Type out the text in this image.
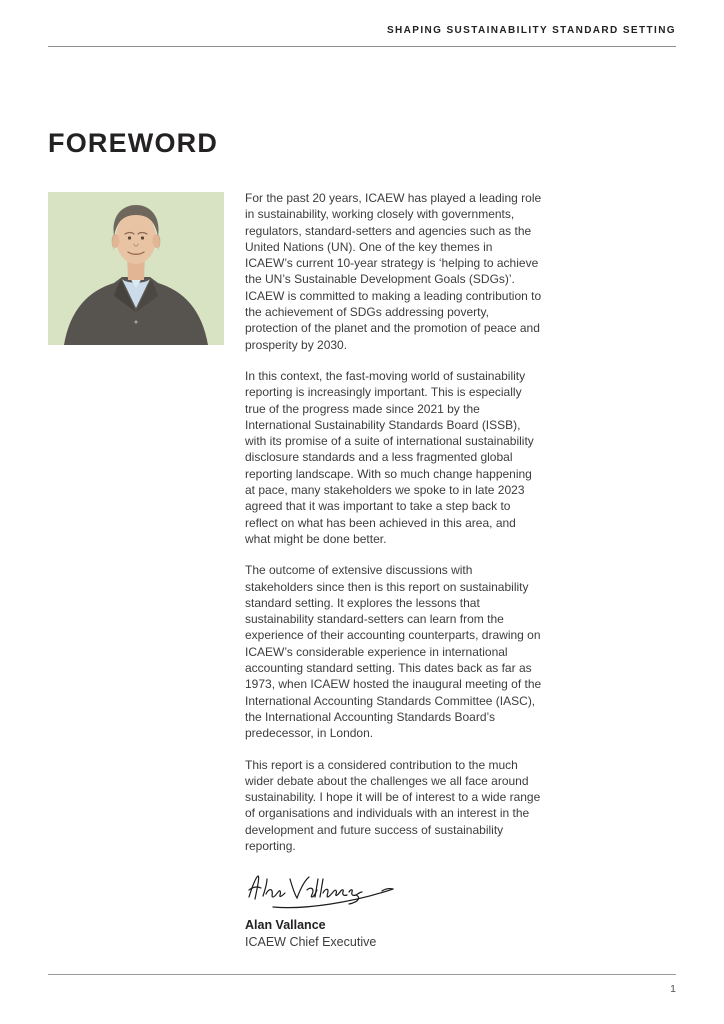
SHAPING SUSTAINABILITY STANDARD SETTING
FOREWORD

For the past 20 years, ICAEW has played a leading role in sustainability, working closely with governments, regulators, standard-setters and agencies such as the United Nations (UN). One of the key themes in ICAEW’s current 10-year strategy is ‘helping to achieve the UN’s Sustainable Development Goals (SDGs)’. ICAEW is committed to making a leading contribution to the achievement of SDGs addressing poverty, protection of the planet and the promotion of peace and prosperity by 2030.

In this context, the fast-moving world of sustainability reporting is increasingly important. This is especially true of the progress made since 2021 by the International Sustainability Standards Board (ISSB), with its promise of a suite of international sustainability disclosure standards and a less fragmented global reporting landscape. With so much change happening at pace, many stakeholders we spoke to in late 2023 agreed that it was important to take a step back to reflect on what has been achieved in this area, and what might be done better.

The outcome of extensive discussions with stakeholders since then is this report on sustainability standard setting. It explores the lessons that sustainability standard-setters can learn from the experience of their accounting counterparts, drawing on ICAEW’s considerable experience in international accounting standard setting. This dates back as far as 1973, when ICAEW hosted the inaugural meeting of the International Accounting Standards Committee (IASC), the International Accounting Standards Board’s predecessor, in London.

This report is a considered contribution to the much wider debate about the challenges we all face around sustainability. I hope it will be of interest to a wide range of organisations and individuals with an interest in the development and future success of sustainability reporting.

Alan Vallance
ICAEW Chief Executive
1
